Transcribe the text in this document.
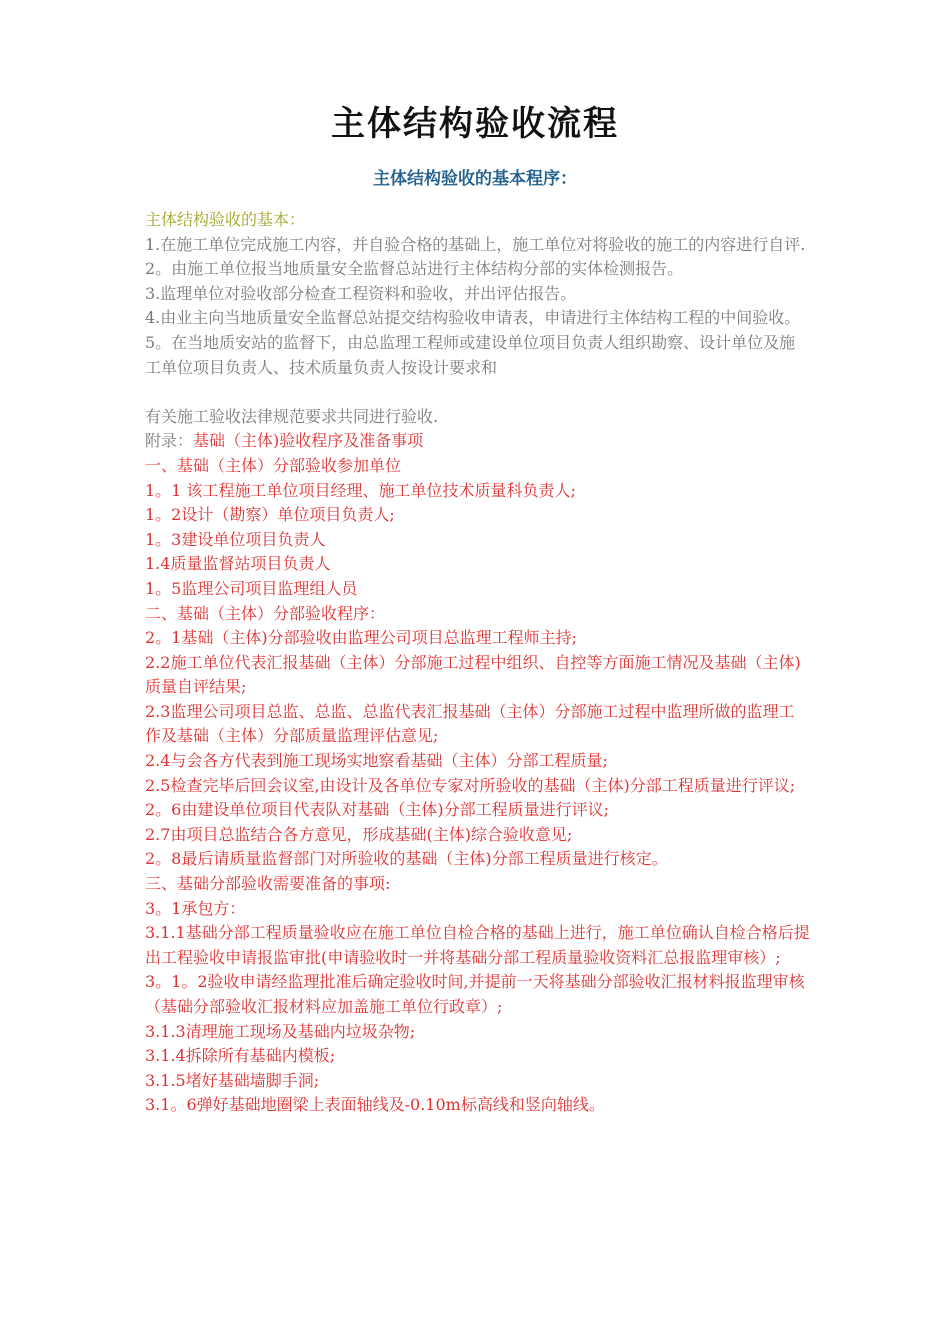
主体结构验收流程
主体结构验收的基本程序：

主体结构验收的基本：

1.在施工单位完成施工内容，并自验合格的基础上，施工单位对将验收的施工的内容进行自评.

2。由施工单位报当地质量安全监督总站进行主体结构分部的实体检测报告。

3.监理单位对验收部分检查工程资料和验收，并出评估报告。

4.由业主向当地质量安全监督总站提交结构验收申请表，申请进行主体结构工程的中间验收。

5。在当地质安站的监督下，由总监理工程师或建设单位项目负责人组织勘察、设计单位及施工单位项目负责人、技术质量负责人按设计要求和

有关施工验收法律规范要求共同进行验收.

附录：基础（主体)验收程序及准备事项

一、基础（主体）分部验收参加单位

1。1 该工程施工单位项目经理、施工单位技术质量科负责人;

1。2设计（勘察）单位项目负责人;

1。3建设单位项目负责人

1.4质量监督站项目负责人

1。5监理公司项目监理组人员

二、基础（主体）分部验收程序：

2。1基础（主体)分部验收由监理公司项目总监理工程师主持;

2.2施工单位代表汇报基础（主体）分部施工过程中组织、自控等方面施工情况及基础（主体)质量自评结果;

2.3监理公司项目总监、总监、总监代表汇报基础（主体）分部施工过程中监理所做的监理工作及基础（主体）分部质量监理评估意见;

2.4与会各方代表到施工现场实地察看基础（主体）分部工程质量;

2.5检查完毕后回会议室,由设计及各单位专家对所验收的基础（主体)分部工程质量进行评议;

2。6由建设单位项目代表队对基础（主体)分部工程质量进行评议;

2.7由项目总监结合各方意见，形成基础(主体)综合验收意见;

2。8最后请质量监督部门对所验收的基础（主体)分部工程质量进行核定。

三、基础分部验收需要准备的事项:

3。1承包方：

3.1.1基础分部工程质量验收应在施工单位自检合格的基础上进行，施工单位确认自检合格后提出工程验收申请报监审批(申请验收时一并将基础分部工程质量验收资料汇总报监理审核）;

3。1。2验收申请经监理批准后确定验收时间,并提前一天将基础分部验收汇报材料报监理审核（基础分部验收汇报材料应加盖施工单位行政章）;

3.1.3清理施工现场及基础内垃圾杂物;

3.1.4拆除所有基础内模板;

3.1.5堵好基础墙脚手洞;

3.1。6弹好基础地圈梁上表面轴线及-0.10m标高线和竖向轴线。
